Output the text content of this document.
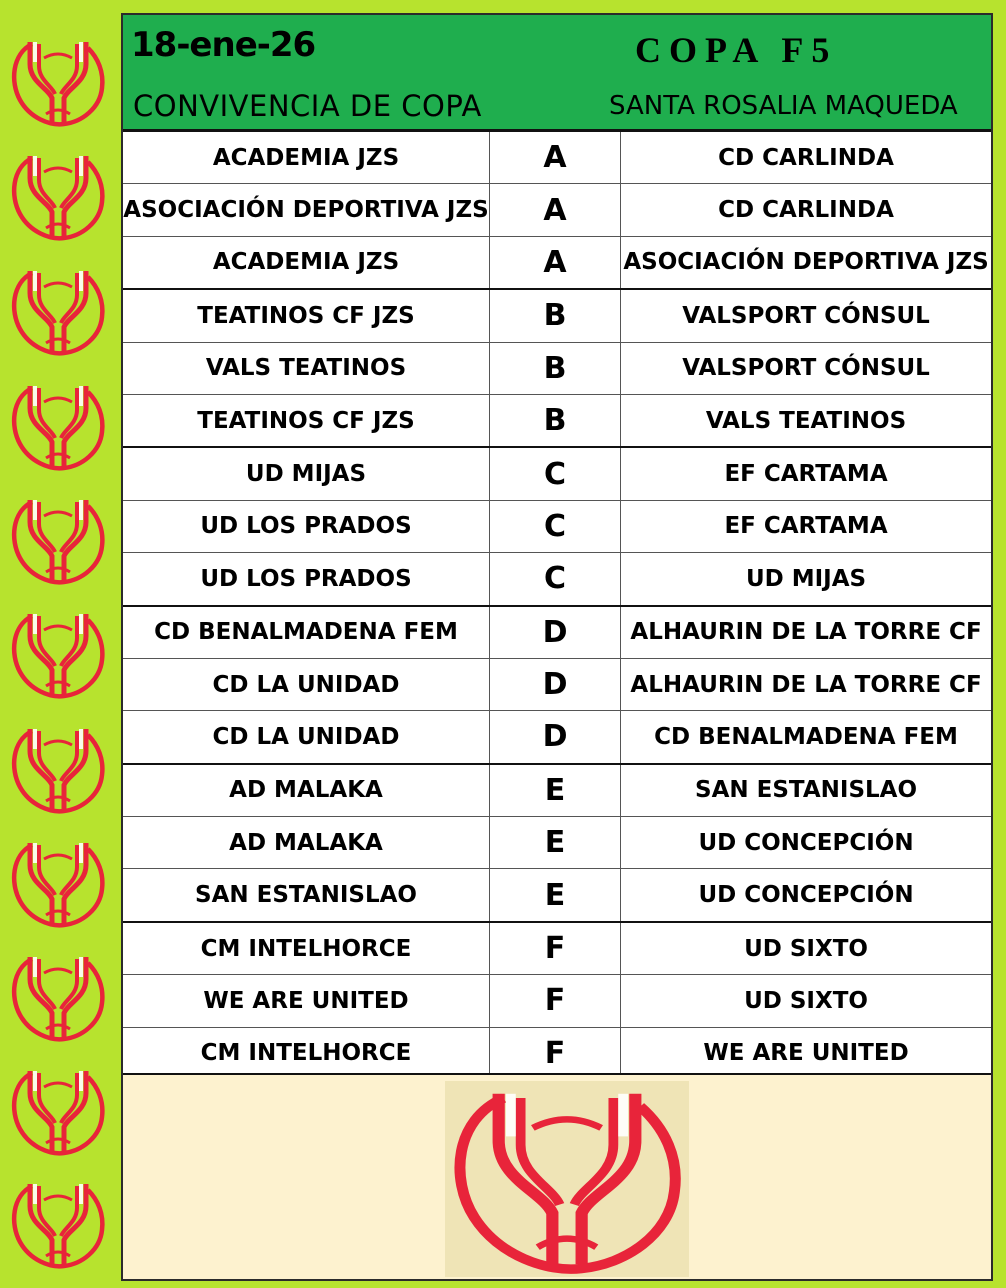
18-ene-26	COPA F5
CONVIVENCIA DE COPA	SANTA ROSALIA MAQUEDA
ACADEMIA JZS	A	CD CARLINDA
ASOCIACIÓN DEPORTIVA JZS	A	CD CARLINDA
ACADEMIA JZS	A	ASOCIACIÓN DEPORTIVA JZS
TEATINOS CF JZS	B	VALSPORT CÓNSUL
VALS TEATINOS	B	VALSPORT CÓNSUL
TEATINOS CF JZS	B	VALS TEATINOS
UD MIJAS	C	EF CARTAMA
UD LOS PRADOS	C	EF CARTAMA
UD LOS PRADOS	C	UD MIJAS
CD BENALMADENA FEM	D	ALHAURIN DE LA TORRE CF
CD LA UNIDAD	D	ALHAURIN DE LA TORRE CF
CD LA UNIDAD	D	CD BENALMADENA FEM
AD MALAKA	E	SAN ESTANISLAO
AD MALAKA	E	UD CONCEPCIÓN
SAN ESTANISLAO	E	UD CONCEPCIÓN
CM INTELHORCE	F	UD SIXTO
WE ARE UNITED	F	UD SIXTO
CM INTELHORCE	F	WE ARE UNITED
